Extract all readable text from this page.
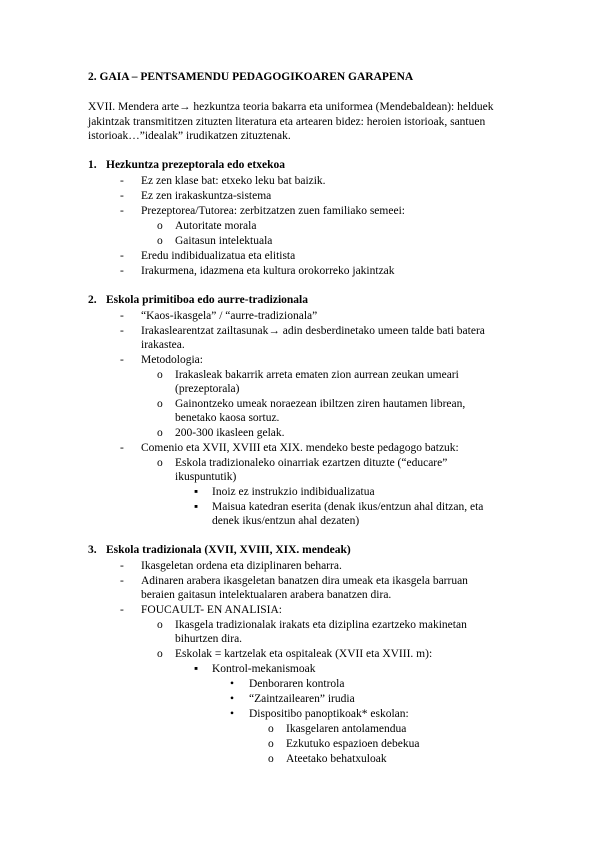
2. GAIA – PENTSAMENDU PEDAGOGIKOAREN GARAPENA
XVII. Mendera arte→ hezkuntza teoria bakarra eta uniformea (Mendebaldean): helduek
jakintzak transmititzen zituzten literatura eta artearen bidez: heroien istorioak, santuen
istorioak…”idealak” irudikatzen zituztenak.
1. Hezkuntza prezeptorala edo etxekoa
- Ez zen klase bat: etxeko leku bat baizik.
- Ez zen irakaskuntza-sistema
- Prezeptorea/Tutorea: zerbitzatzen zuen familiako semeei:
o Autoritate morala
o Gaitasun intelektuala
- Eredu indibidualizatua eta elitista
- Irakurmena, idazmena eta kultura orokorreko jakintzak
2. Eskola primitiboa edo aurre-tradizionala
- “Kaos-ikasgela” / “aurre-tradizionala”
- Irakaslearentzat zailtasunak→ adin desberdinetako umeen talde bati batera
irakastea.
- Metodologia:
o Irakasleak bakarrik arreta ematen zion aurrean zeukan umeari
(prezeptorala)
o Gainontzeko umeak noraezean ibiltzen ziren hautamen librean,
benetako kaosa sortuz.
o 200-300 ikasleen gelak.
- Comenio eta XVII, XVIII eta XIX. mendeko beste pedagogo batzuk:
o Eskola tradizionaleko oinarriak ezartzen dituzte (“educare”
ikuspuntutik)
▪ Inoiz ez instrukzio indibidualizatua
▪ Maisua katedran eserita (denak ikus/entzun ahal ditzan, eta
denek ikus/entzun ahal dezaten)
3. Eskola tradizionala (XVII, XVIII, XIX. mendeak)
- Ikasgeletan ordena eta diziplinaren beharra.
- Adinaren arabera ikasgeletan banatzen dira umeak eta ikasgela barruan
beraien gaitasun intelektualaren arabera banatzen dira.
- FOUCAULT- EN ANALISIA:
o Ikasgela tradizionalak irakats eta diziplina ezartzeko makinetan
bihurtzen dira.
o Eskolak = kartzelak eta ospitaleak (XVII eta XVIII. m):
▪ Kontrol-mekanismoak
• Denboraren kontrola
• “Zaintzailearen” irudia
• Dispositibo panoptikoak* eskolan:
o Ikasgelaren antolamendua
o Ezkutuko espazioen debekua
o Ateetako behatxuloak
